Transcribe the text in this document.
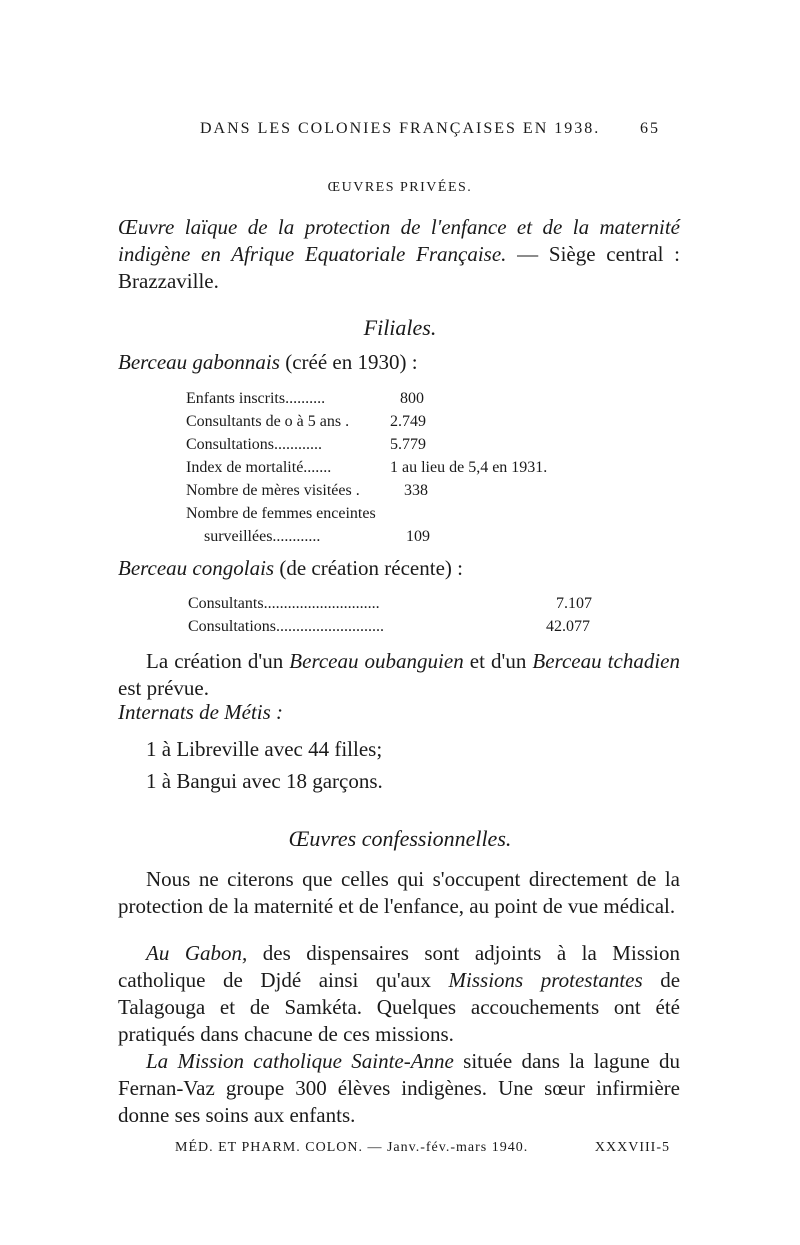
DANS LES COLONIES FRANÇAISES EN 1938. 65
ŒUVRES PRIVÉES.
Œuvre laïque de la protection de l'enfance et de la maternité indigène en Afrique Equatoriale Française. — Siège central : Brazzaville.
Filiales.
Berceau gabonnais (créé en 1930) :
Enfants inscrits..........	800
Consultants de o à 5 ans .	2.749
Consultations............	5.779
Index de mortalité.......	1 au lieu de 5,4 en 1931.
Nombre de mères visitées .	338
Nombre de femmes enceintes
surveillées............	109
Berceau congolais (de création récente) :
Consultants.............................	7.107
Consultations...........................	42.077
La création d'un Berceau oubanguien et d'un Berceau tchadien est prévue.
Internats de Métis :
1 à Libreville avec 44 filles;
1 à Bangui avec 18 garçons.
Œuvres confessionnelles.
Nous ne citerons que celles qui s'occupent directement de la protection de la maternité et de l'enfance, au point de vue médical.
Au Gabon, des dispensaires sont adjoints à la Mission catholique de Djdé ainsi qu'aux Missions protestantes de Talagouga et de Samkéta. Quelques accouchements ont été pratiqués dans chacune de ces missions.
La Mission catholique Sainte-Anne située dans la lagune du Fernan-Vaz groupe 300 élèves indigènes. Une sœur infirmière donne ses soins aux enfants.
MÉD. ET PHARM. COLON. — Janv.-fév.-mars 1940.	XXXVIII-5
